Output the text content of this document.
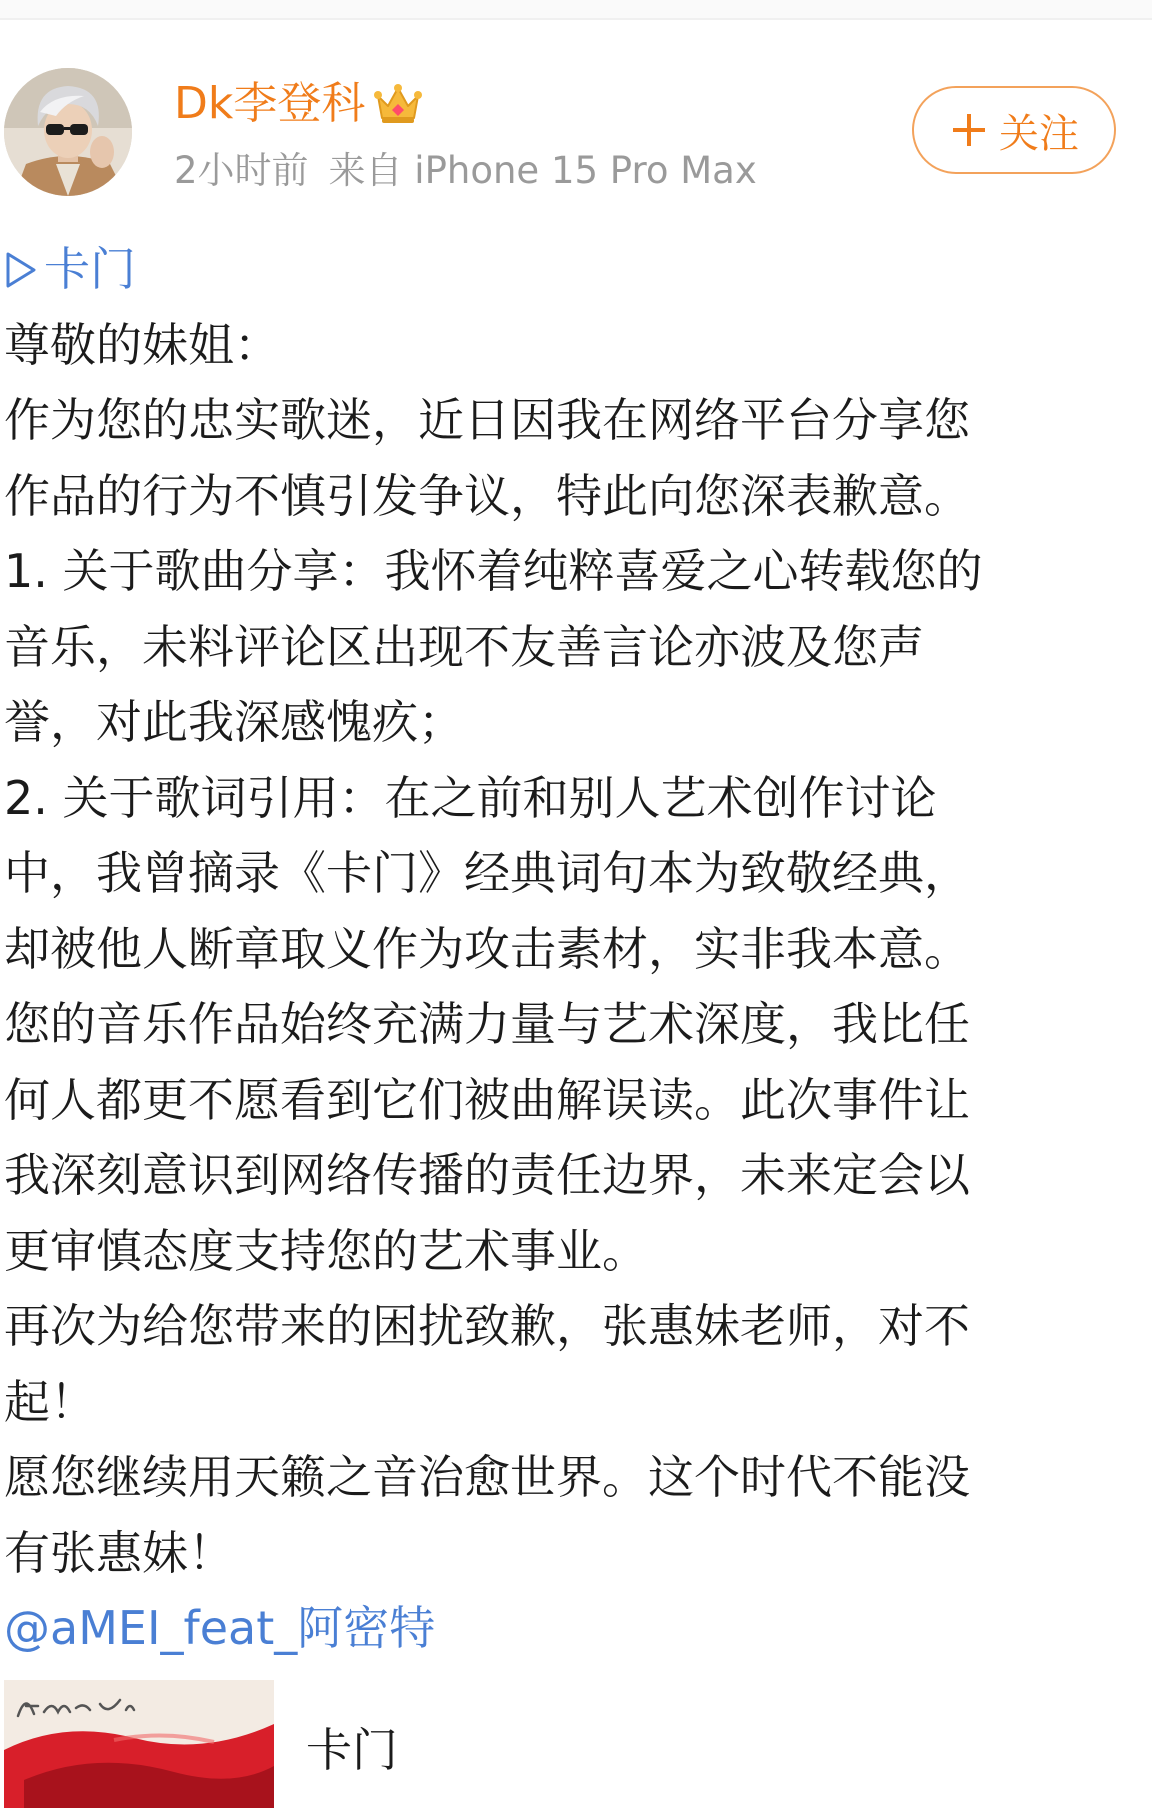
Dk李登科
2小时前 来自 iPhone 15 Pro Max
关注
卡门
尊敬的妹姐：
作为您的忠实歌迷，近日因我在网络平台分享您
作品的行为不慎引发争议，特此向您深表歉意。
1. 关于歌曲分享：我怀着纯粹喜爱之心转载您的
音乐，未料评论区出现不友善言论亦波及您声
誉，对此我深感愧疚；
2. 关于歌词引用：在之前和别人艺术创作讨论
中，我曾摘录《卡门》经典词句本为致敬经典，
却被他人断章取义作为攻击素材，实非我本意。
您的音乐作品始终充满力量与艺术深度，我比任
何人都更不愿看到它们被曲解误读。此次事件让
我深刻意识到网络传播的责任边界，未来定会以
更审慎态度支持您的艺术事业。
再次为给您带来的困扰致歉，张惠妹老师，对不
起！
愿您继续用天籁之音治愈世界。这个时代不能没
有张惠妹！
@aMEI_feat_阿密特
卡门
